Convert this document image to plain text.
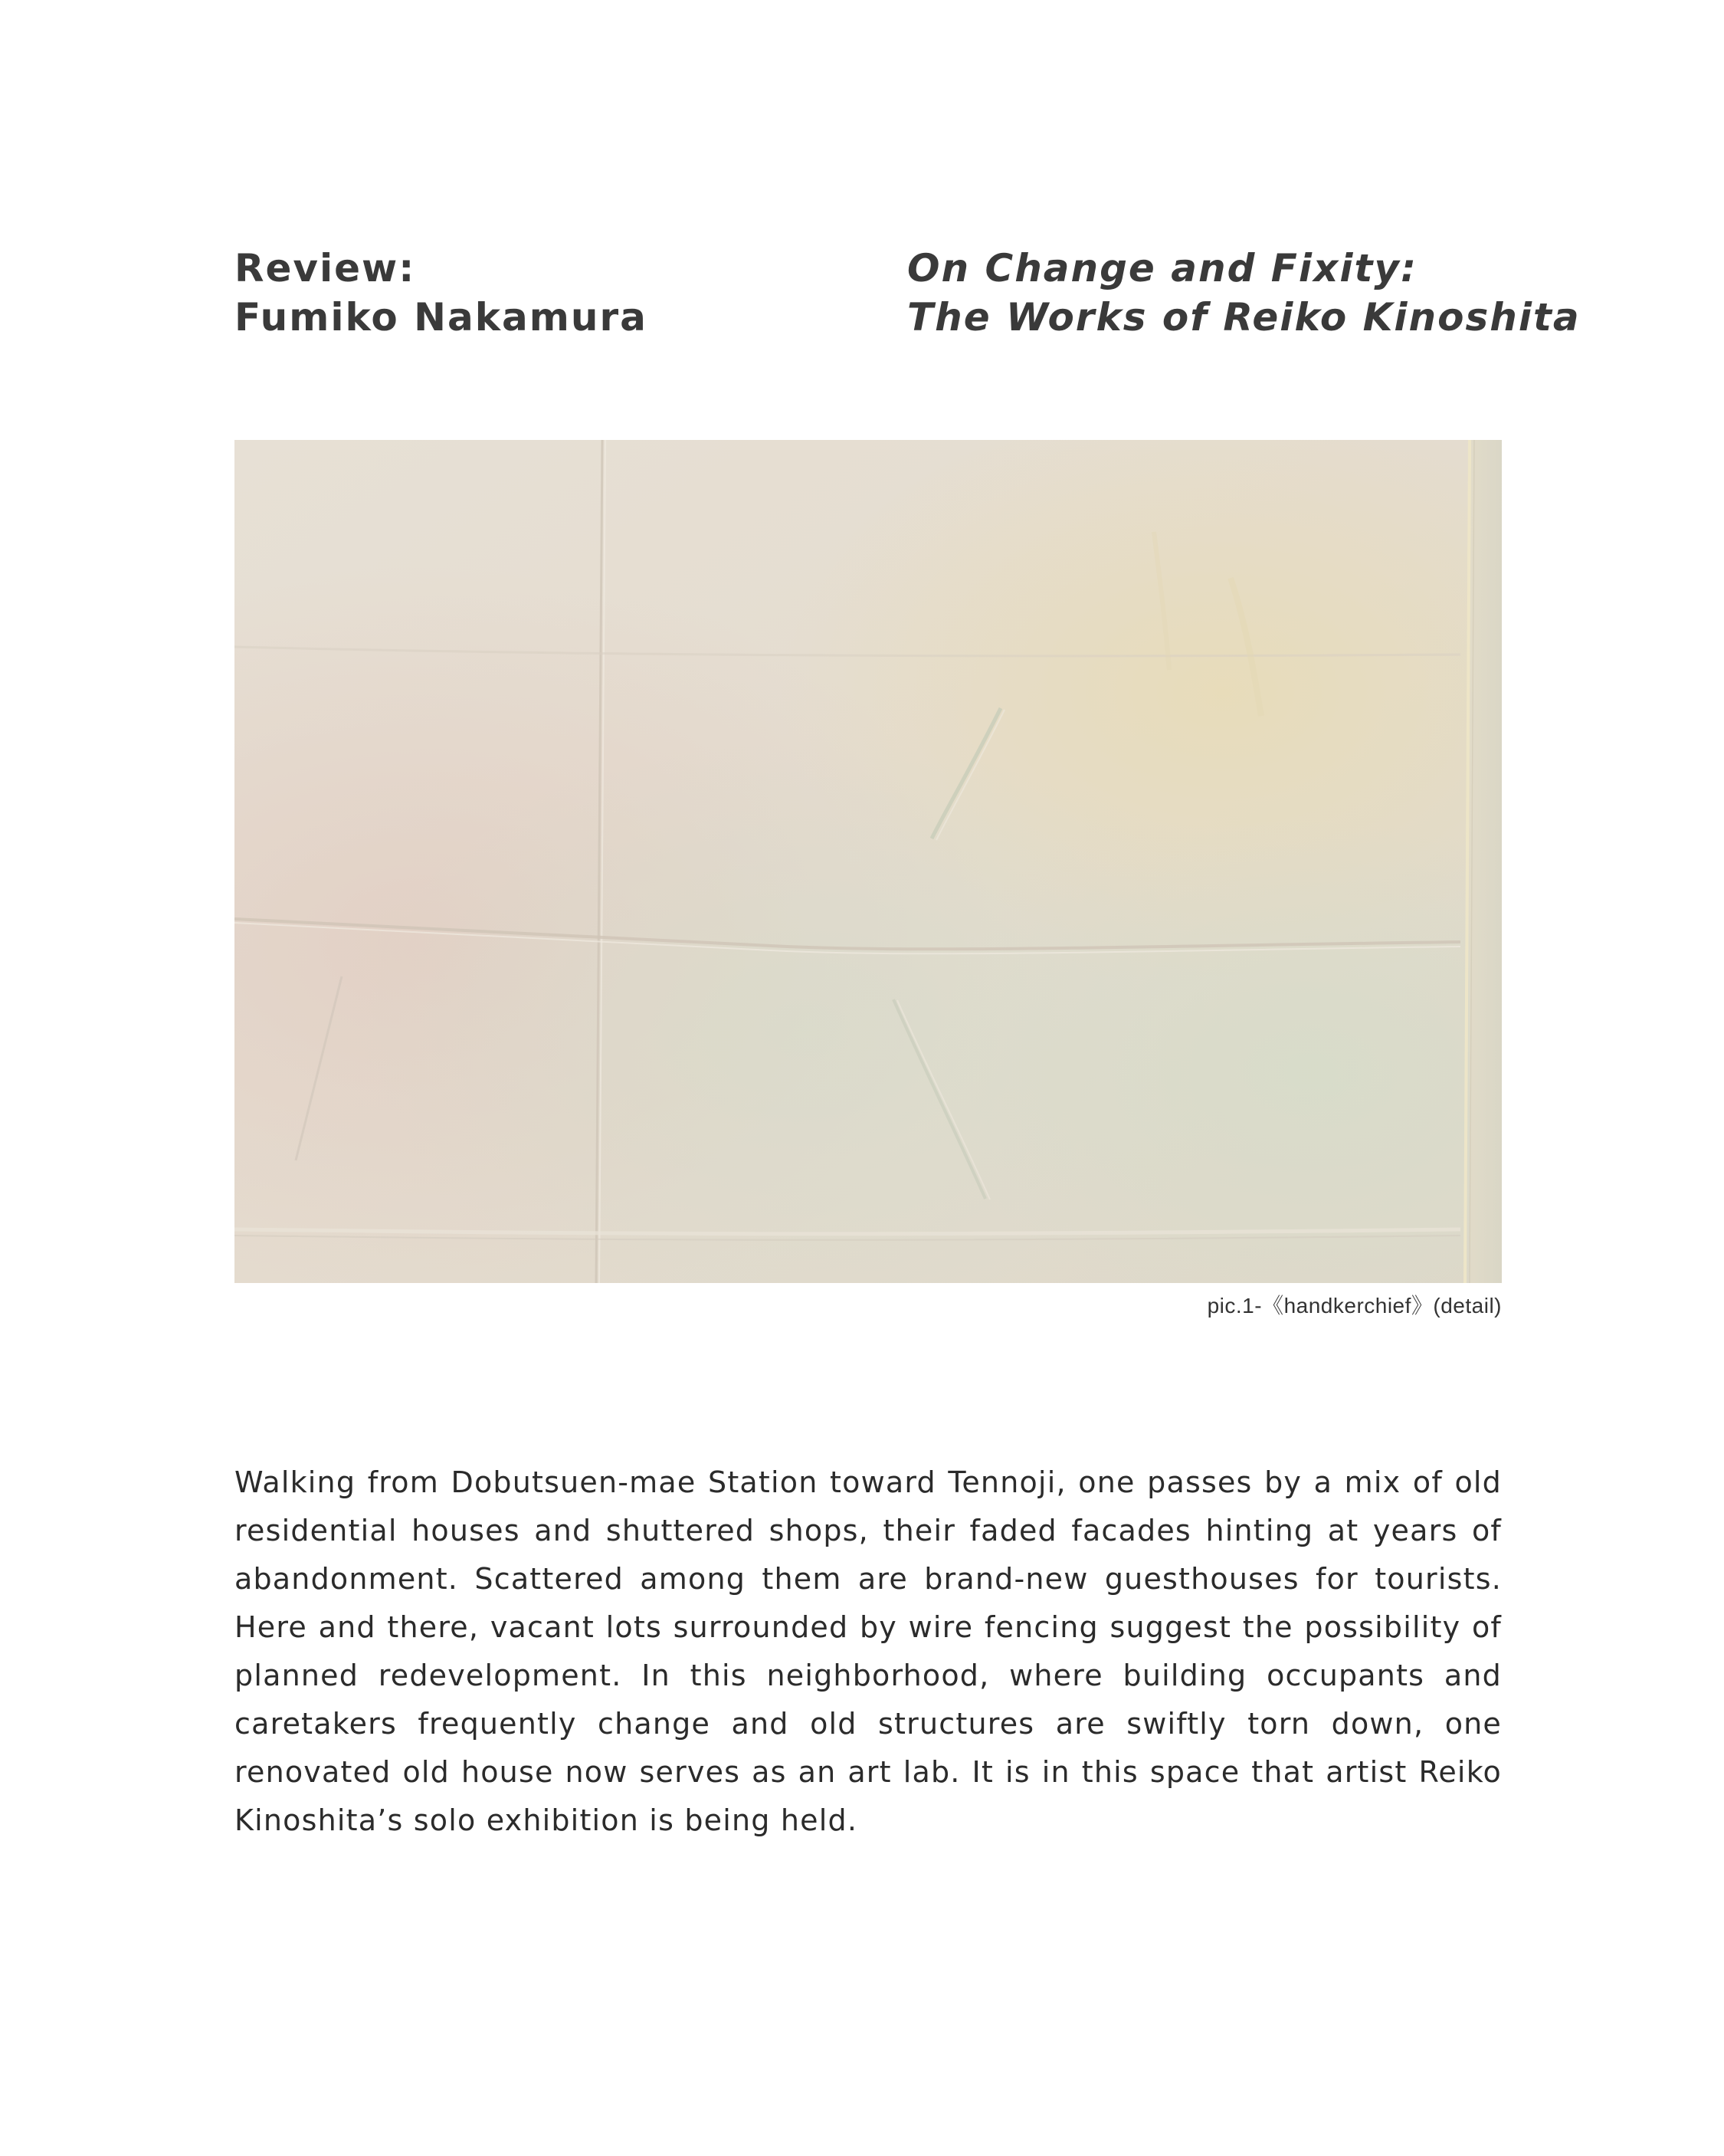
Review:
Fumiko Nakamura
On Change and Fixity:
The Works of Reiko Kinoshita
pic.1-《handkerchief》(detail)

Walking from Dobutsuen-mae Station toward Tennoji, one passes by a mix of old residential houses and shuttered shops, their faded facades hinting at years of abandonment. Scattered among them are brand-new guesthouses for tourists. Here and there, vacant lots surrounded by wire fencing suggest the possibility of planned redevelopment. In this neighborhood, where building occupants and caretakers frequently change and old structures are swiftly torn down, one renovated old house now serves as an art lab. It is in this space that artist Reiko Kinoshita’s solo exhibition is being held.
